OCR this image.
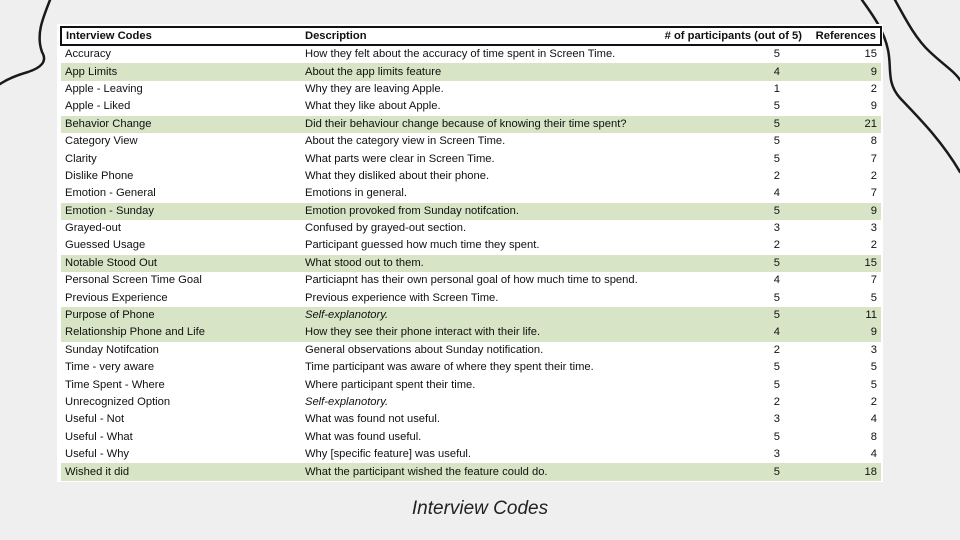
Interview Codes	Description	# of participants (out of 5)	References
Accuracy	How they felt about the accuracy of time spent in Screen Time.	5	15
App Limits	About the app limits feature	4	9
Apple - Leaving	Why they are leaving Apple.	1	2
Apple - Liked	What they like about Apple.	5	9
Behavior Change	Did their behaviour change because of knowing their time spent?	5	21
Category View	About the category view in Screen Time.	5	8
Clarity	What parts were clear in Screen Time.	5	7
Dislike Phone	What they disliked about their phone.	2	2
Emotion - General	Emotions in general.	4	7
Emotion - Sunday	Emotion provoked from Sunday notifcation.	5	9
Grayed-out	Confused by grayed-out section.	3	3
Guessed Usage	Participant guessed how much time they spent.	2	2
Notable Stood Out	What stood out to them.	5	15
Personal Screen Time Goal	Particiapnt has their own personal goal of how much time to spend.	4	7
Previous Experience	Previous experience with Screen Time.	5	5
Purpose of Phone	Self-explanotory.	5	11
Relationship Phone and Life	How they see their phone interact with their life.	4	9
Sunday Notifcation	General observations about Sunday notification.	2	3
Time - very aware	Time participant was aware of where they spent their time.	5	5
Time Spent - Where	Where participant spent their time.	5	5
Unrecognized Option	Self-explanotory.	2	2
Useful - Not	What was found not useful.	3	4
Useful - What	What was found useful.	5	8
Useful - Why	Why [specific feature] was useful.	3	4
Wished it did	What the participant wished the feature could do.	5	18
Interview Codes
